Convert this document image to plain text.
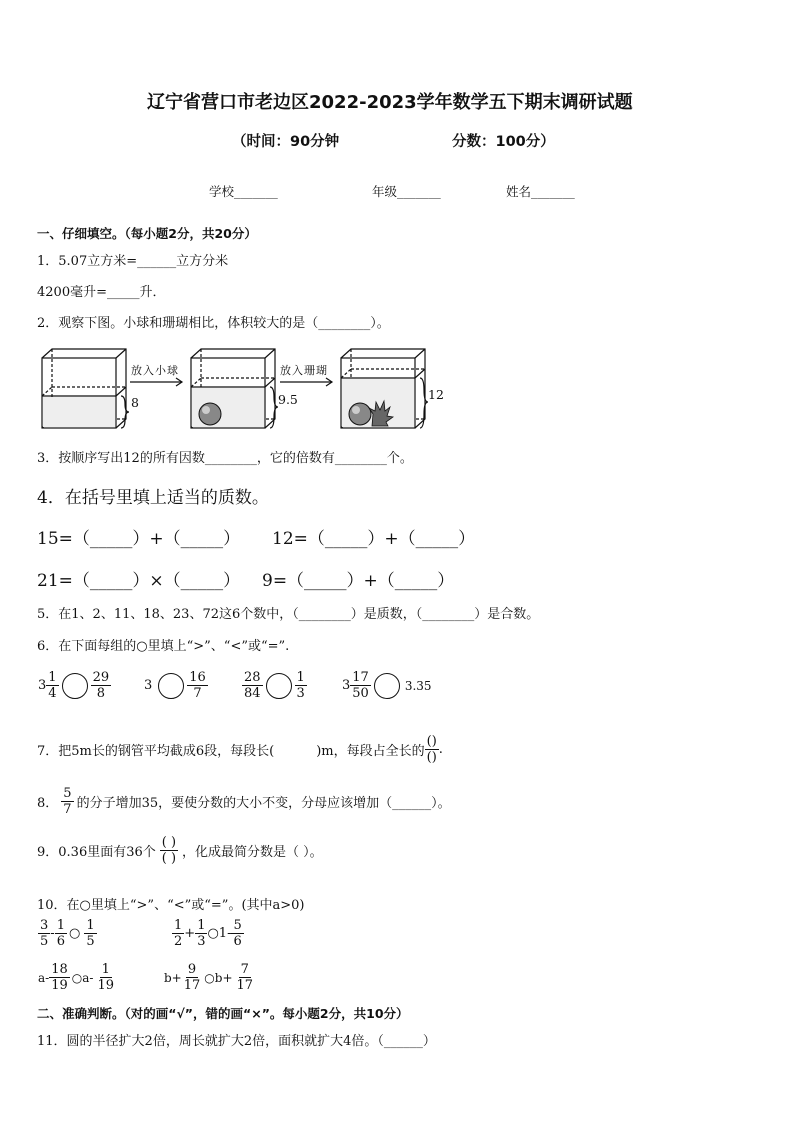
辽宁省营口市老边区2022-2023学年数学五下期末调研试题
（时间：90分钟	分数：100分）
学校_______	年级_______	姓名_______
一、仔细填空。（每小题2分，共20分）
1．5.07立方米=______立方分米
4200毫升=_____升．
2．观察下图。小球和珊瑚相比，体积较大的是（________）。
放入小球	放入珊瑚
8	9.5	12
3．按顺序写出12的所有因数________，它的倍数有________个。
4．在括号里填上适当的质数。
15=（_____）+（_____） 12=（_____）+（_____）
21=（_____）×（_____） 9=（_____）+（_____）
5．在1、2、11、18、23、72这6个数中，（________）是质数，（________）是合数。
6．在下面每组的○里填上“>”、“<”或“=”.
$3 \frac{1}{4} \frac{29}{8}$	3	$\frac{16}{7}$	$\frac{28}{84} \frac{1}{3}$	$3 \frac{17}{50}$	3.35
7．把5m长的钢管平均截成6段，每段长(	)m，每段占全长的 $\frac{()}{()}$ .
8． $\frac{5}{7}$ 的分子增加35，要使分数的大小不变，分母应该增加（______）。
9．0.36里面有36个 $\frac{( )}{( )}$ ，化成最简分数是（ ）。
10．在○里填上“>”、“<”或“=”。(其中a>0)
$\frac{3}{5} - \frac{1}{6}$ ○ $\frac{1}{5}$	$\frac{1}{2} + \frac{1}{3}$ ○1- $\frac{5}{6}$
$a- \frac{18}{19}$ ○a- $\frac{1}{19}$	$b+ \frac{9}{17}$ ○b+ $\frac{7}{17}$
二、准确判断。（对的画“√”，错的画“×”。每小题2分，共10分）
11．圆的半径扩大2倍，周长就扩大2倍，面积就扩大4倍。（______）
